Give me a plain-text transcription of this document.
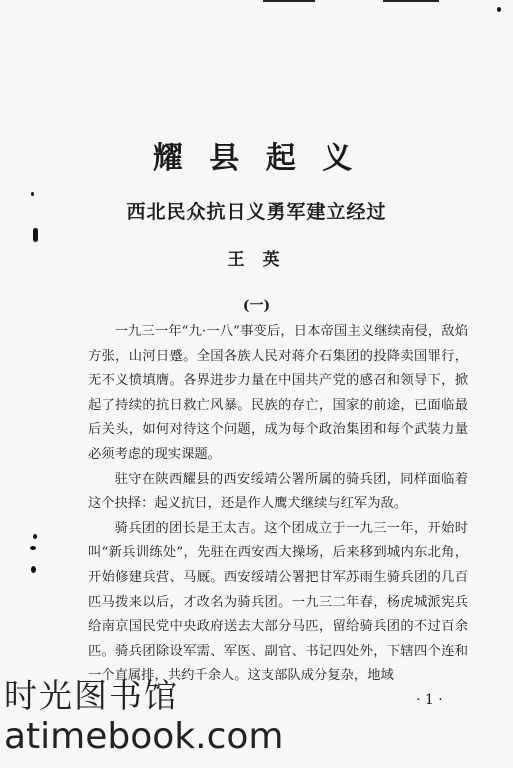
耀 县 起 义
西北民众抗日义勇军建立经过
王 英
(一)

一九三一年“九·一八”事变后，日本帝国主义继续南侵，敌焰方张，山河日蹙。全国各族人民对蒋介石集团的投降卖国罪行，无不义愤填膺。各界进步力量在中国共产党的感召和领导下，掀起了持续的抗日救亡风暴。民族的存亡，国家的前途，已面临最后关头，如何对待这个问题，成为每个政治集团和每个武装力量必须考虑的现实课题。

驻守在陕西耀县的西安绥靖公署所属的骑兵团，同样面临着这个抉择：起义抗日，还是作人鹰犬继续与红军为敌。

骑兵团的团长是王太吉。这个团成立于一九三一年，开始时叫“新兵训练处”，先驻在西安西大操场，后来移到城内东北角，开始修建兵营、马厩。西安绥靖公署把甘军苏雨生骑兵团的几百匹马拨来以后，才改名为骑兵团。一九三二年春，杨虎城派宪兵给南京国民党中央政府送去大部分马匹，留给骑兵团的不过百余匹。骑兵团除设军需、军医、副官、书记四处外，下辖四个连和一个直属排，共约千余人。这支部队成分复杂，地域

· 1 ·
时光图书馆
atimebook.com
